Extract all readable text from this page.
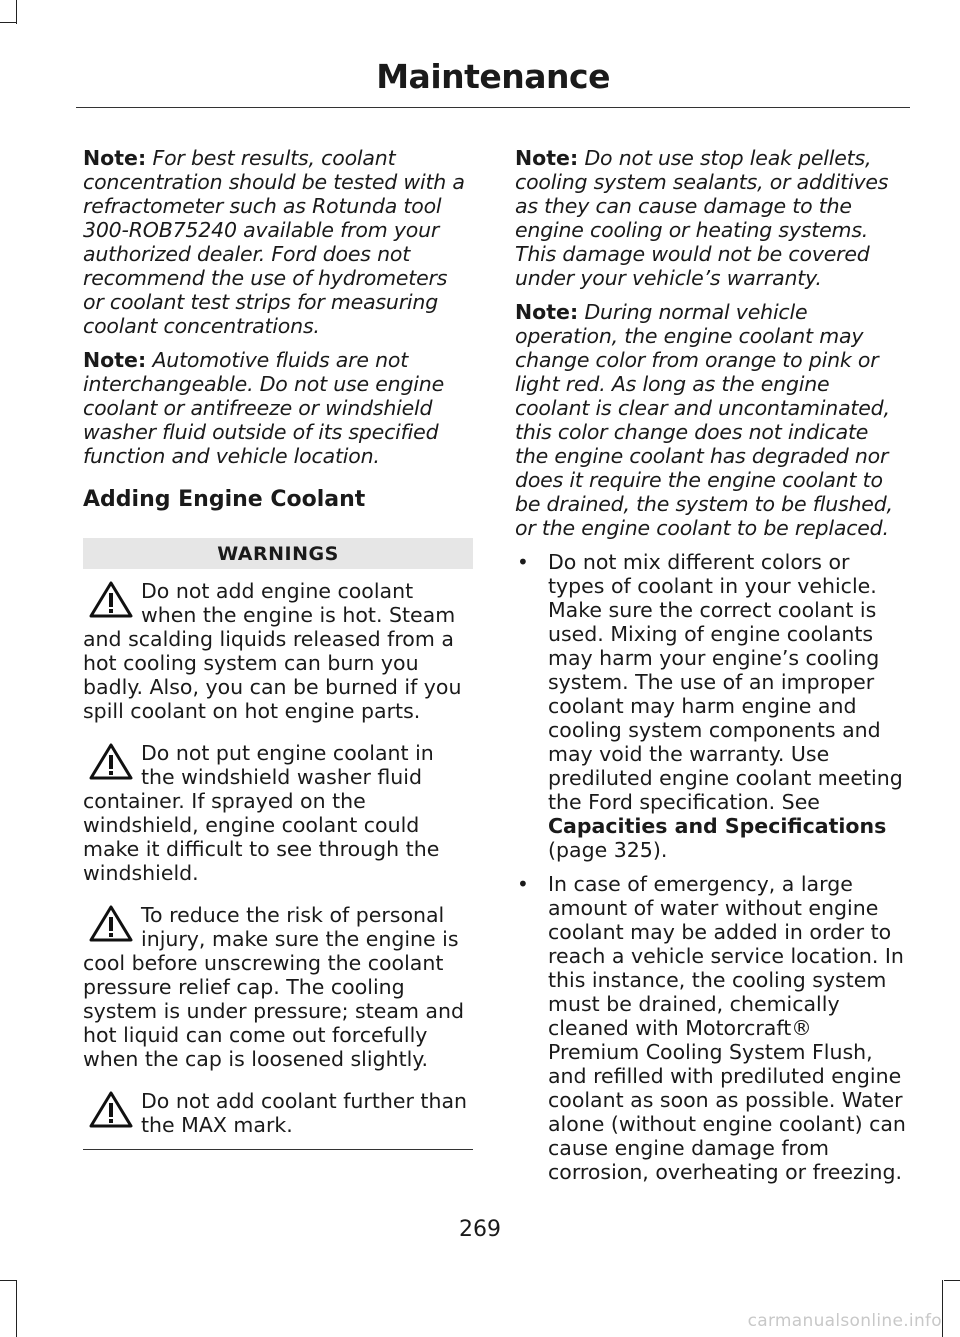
Maintenance

Note: For best results, coolant concentration should be tested with a refractometer such as Rotunda tool 300-ROB75240 available from your authorized dealer. Ford does not recommend the use of hydrometers or coolant test strips for measuring coolant concentrations.

Note: Automotive fluids are not interchangeable. Do not use engine coolant or antifreeze or windshield washer fluid outside of its specified function and vehicle location.

Adding Engine Coolant
WARNINGS
Do not add engine coolant when the engine is hot. Steam and scalding liquids released from a hot cooling system can burn you badly. Also, you can be burned if you spill coolant on hot engine parts.
Do not put engine coolant in the windshield washer fluid container. If sprayed on the windshield, engine coolant could make it difficult to see through the windshield.
To reduce the risk of personal injury, make sure the engine is cool before unscrewing the coolant pressure relief cap. The cooling system is under pressure; steam and hot liquid can come out forcefully when the cap is loosened slightly.
Do not add coolant further than the MAX mark.

Note: Do not use stop leak pellets, cooling system sealants, or additives as they can cause damage to the engine cooling or heating systems. This damage would not be covered under your vehicle’s warranty.

Note: During normal vehicle operation, the engine coolant may change color from orange to pink or light red. As long as the engine coolant is clear and uncontaminated, this color change does not indicate the engine coolant has degraded nor does it require the engine coolant to be drained, the system to be flushed, or the engine coolant to be replaced.

• Do not mix different colors or types of coolant in your vehicle. Make sure the correct coolant is used. Mixing of engine coolants may harm your engine’s cooling system. The use of an improper coolant may harm engine and cooling system components and may void the warranty. Use prediluted engine coolant meeting the Ford specification. See Capacities and Specifications (page 325).
• In case of emergency, a large amount of water without engine coolant may be added in order to reach a vehicle service location. In this instance, the cooling system must be drained, chemically cleaned with Motorcraft® Premium Cooling System Flush, and refilled with prediluted engine coolant as soon as possible. Water alone (without engine coolant) can cause engine damage from corrosion, overheating or freezing.
269
carmanualsonline.info
